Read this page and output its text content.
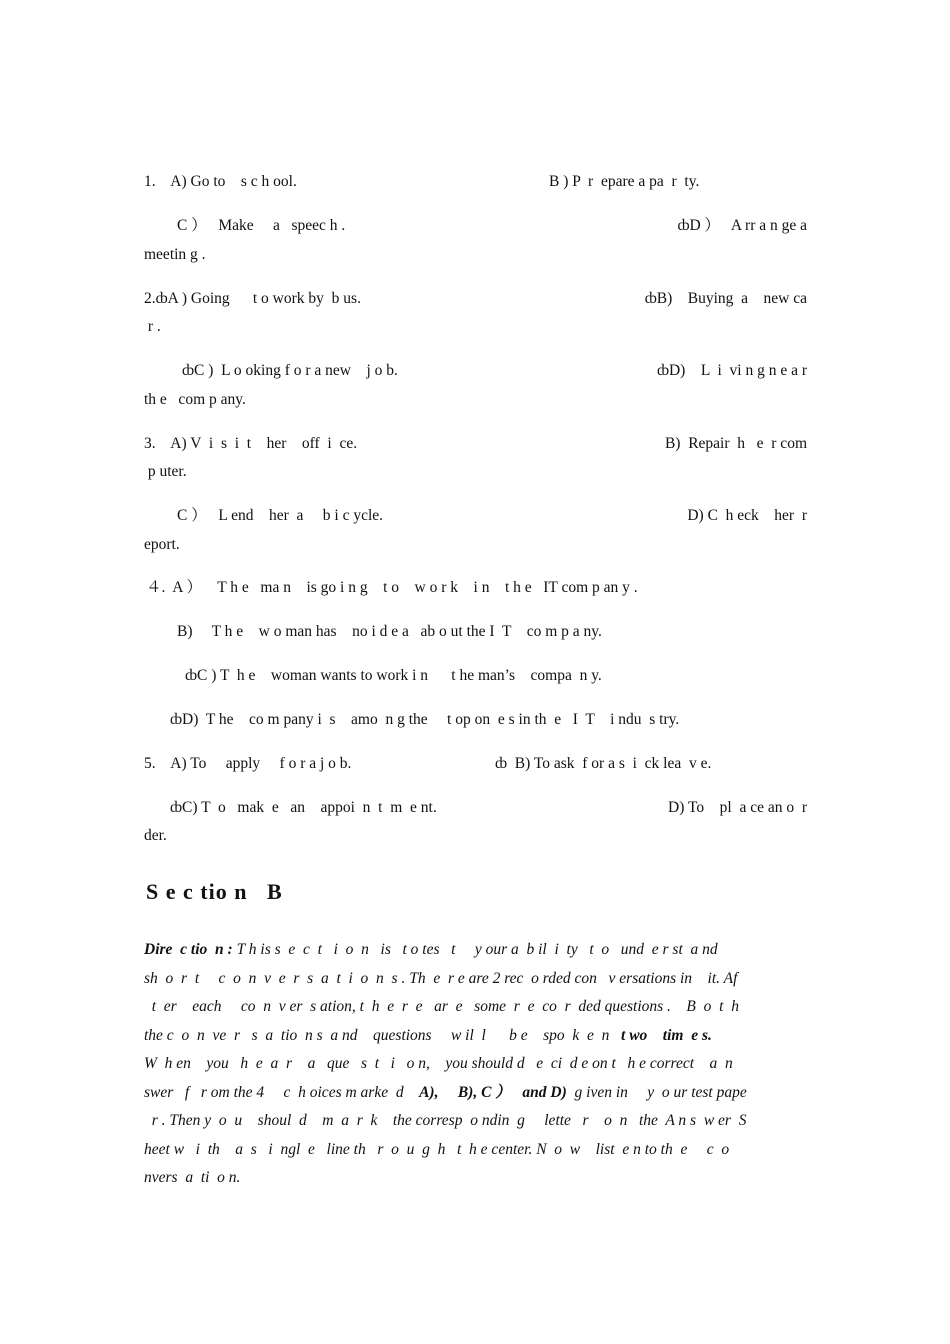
1.    A) Go to    s c h ool.	B ) P  r  epare a pa  r  ty.
C ）   Make     a   speec h .	ȸD ）   A rr a n ge a
meetin g .
2.ȸA ) Going      t o work by  b us.	ȸB)    Buying  a    new ca
r .
ȸC )  L o oking f o r a new    j o b.	ȸD)    L  i  vi n g n e a r
th e   com p any.
3.    A) V  i  s  i  t    her    off  i  ce.	B)  Repair  h   e  r com
p uter.
C ）   L end    her  a     b i c ycle.	D) C  h eck    her  r
eport.
４.  A ）    T h e   ma n    is go i n g    t o    w o r k    i n    t h e   IT com p an y .
B)     T h e    w o man has    no i d e a   ab o ut the I  T    co m p a ny.
ȸC ) T  h e    woman wants to work i n      t he man’s    compa  n y.
ȸD)  T he    co m pany i  s    amo  n g the     t op on  e s in th  e   I  T    i ndu  s try.
5.    A) To     apply     f o r a j o b.	ȸ  B) To ask  f or a s  i  ck lea  v e.
ȸC) T  o   mak  e   an    appoi  n  t  m  e nt.	D) To    pl  a ce an o  r
der.
S e c tio n   B
Dire  c tio  n : T h is s  e  c  t   i  o  n   is   t o tes   t     y our a  b il  i  ty   t  o   und  e r st  a nd
sh  o  r  t     c  o  n  v  e  r  s  a  t  i  o  n  s . Th  e  r e are 2 rec  o rded con   v ersations in    it. Af
t  er    each     co  n  v er  s ation, t  h  e  r  e   ar  e   some  r  e  co  r  ded questions .    B  o  t  h
the c  o  n  ve  r   s  a  tio  n s  a nd    questions     w il  l      b e    spo  k  e  n   t wo    tim  e s.
W  h en    you   h  e  a  r    a   que   s  t   i   o n,    you should d   e  ci  d e on t   h e correct    a  n
swer   f   r om the 4     c  h oices m arke  d    A),     B), C ）   and D)  g iven in     y  o ur test pape
r . Then y  o  u    shoul  d    m  a  r  k    the corresp  o ndin  g     lette   r    o  n   the  A n s  w er  S
heet w   i  th    a  s   i  ngl  e   line th   r  o  u  g  h   t  h e center. N  o  w    list  e n to th  e     c  o
nvers  a  ti  o n.
